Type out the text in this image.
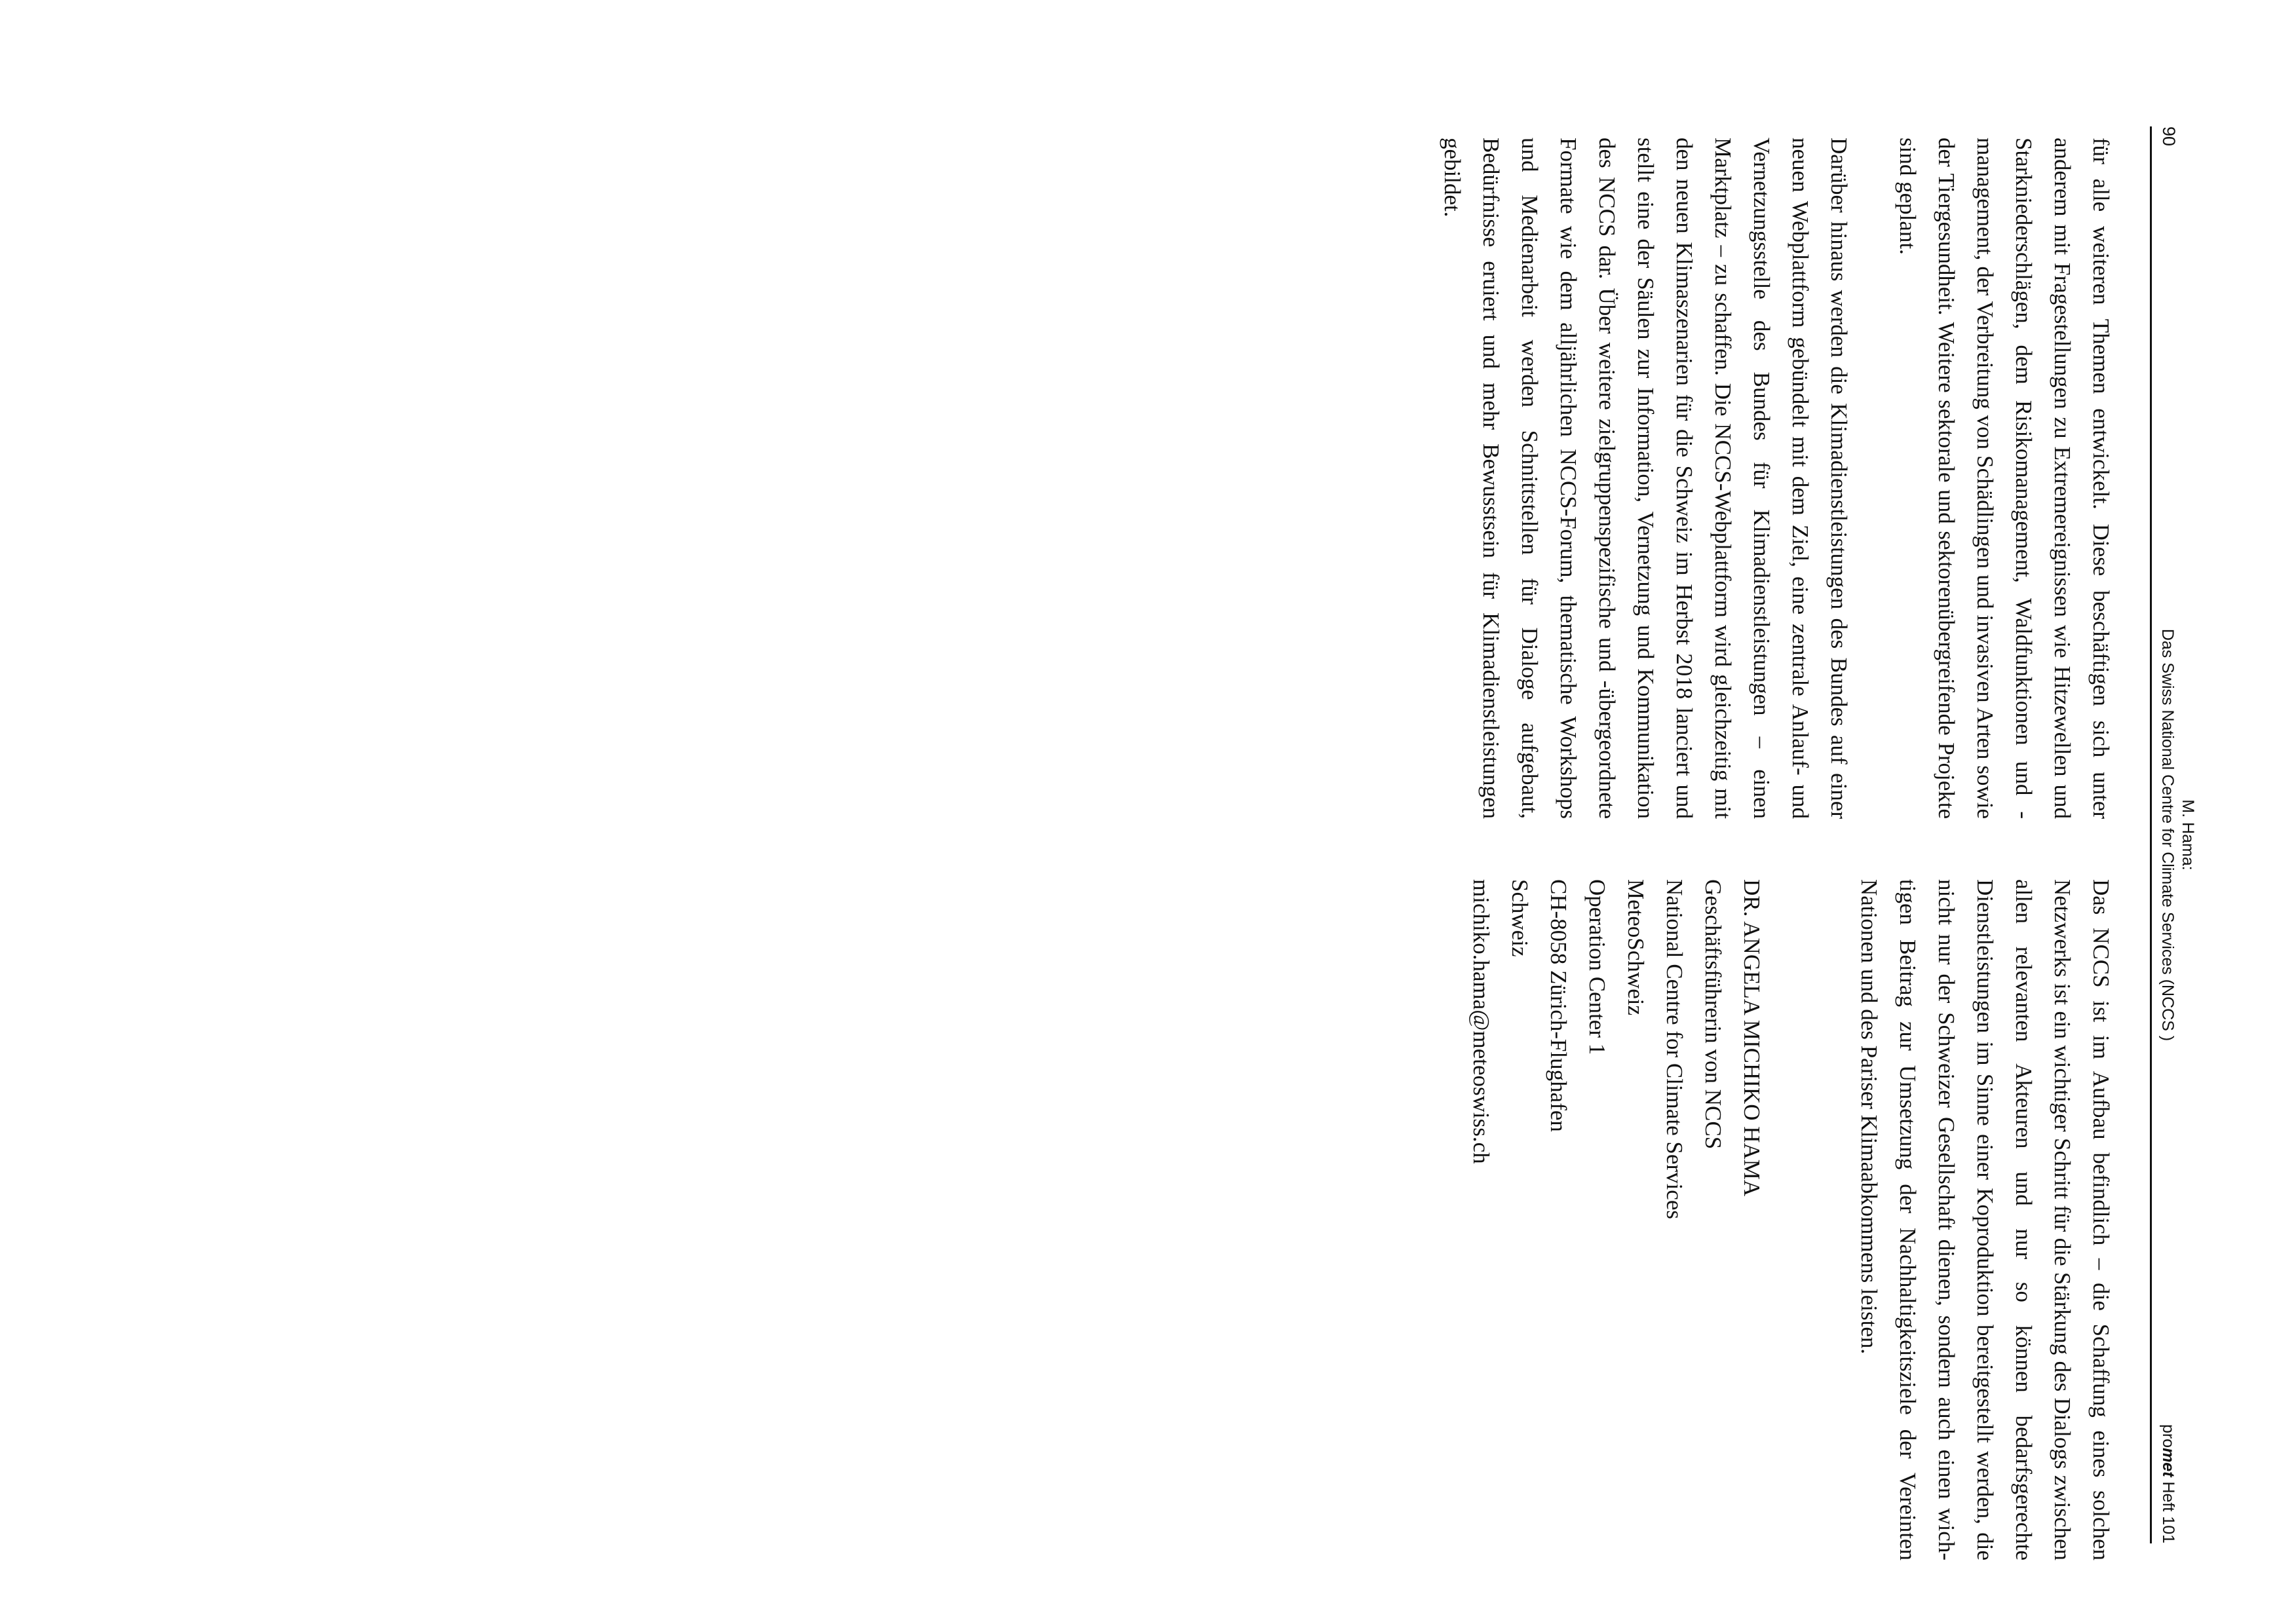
90
M. Hama:
Das Swiss National Centre for Climate Services (NCCS )
promet Heft 101

für alle weiteren Themen entwickelt. Diese beschäftigen sich unter anderem mit Fragestellungen zu Extremereignissen wie Hitzewellen und Starkniederschlägen, dem Risikomanagement, Waldfunktionen und -management, der Verbreitung von Schädlingen und invasiven Arten sowie der Tiergesundheit. Weitere sektorale und sektorenübergreifende Projekte sind geplant.

Darüber hinaus werden die Klimadienstleistungen des Bundes auf einer neuen Webplattform gebündelt mit dem Ziel, eine zentrale Anlauf- und Vernetzungsstelle des Bundes für Klimadienstleistungen – einen Marktplatz – zu schaffen. Die NCCS-Webplattform wird gleichzeitig mit den neuen Klimaszenarien für die Schweiz im Herbst 2018 lanciert und stellt eine der Säulen zur Information, Vernetzung und Kommunikation des NCCS dar. Über weitere zielgruppenspezifische und -übergeordnete Formate wie dem alljährlichen NCCS-Forum, thematische Workshops und Medienarbeit werden Schnittstellen für Dialoge aufgebaut, Bedürfnisse eruiert und mehr Bewusstsein für Klimadienstleistungen gebildet.

Das NCCS ist im Aufbau befindlich – die Schaffung eines solchen Netzwerks ist ein wichtiger Schritt für die Stärkung des Dialogs zwischen allen relevanten Akteuren und nur so können bedarfsgerechte Dienstleistungen im Sinne einer Koproduktion bereitgestellt werden, die nicht nur der Schweizer Gesellschaft dienen, sondern auch einen wichtigen Beitrag zur Umsetzung der Nachhaltigkeitsziele der Vereinten Nationen und des Pariser Klimaabkommens leisten.

DR. ANGELA MICHIKO HAMA
Geschäftsführerin von NCCS
National Centre for Climate Services
MeteoSchweiz
Operation Center 1
CH-8058 Zürich-Flughafen
Schweiz
michiko.hama@meteoswiss.ch
